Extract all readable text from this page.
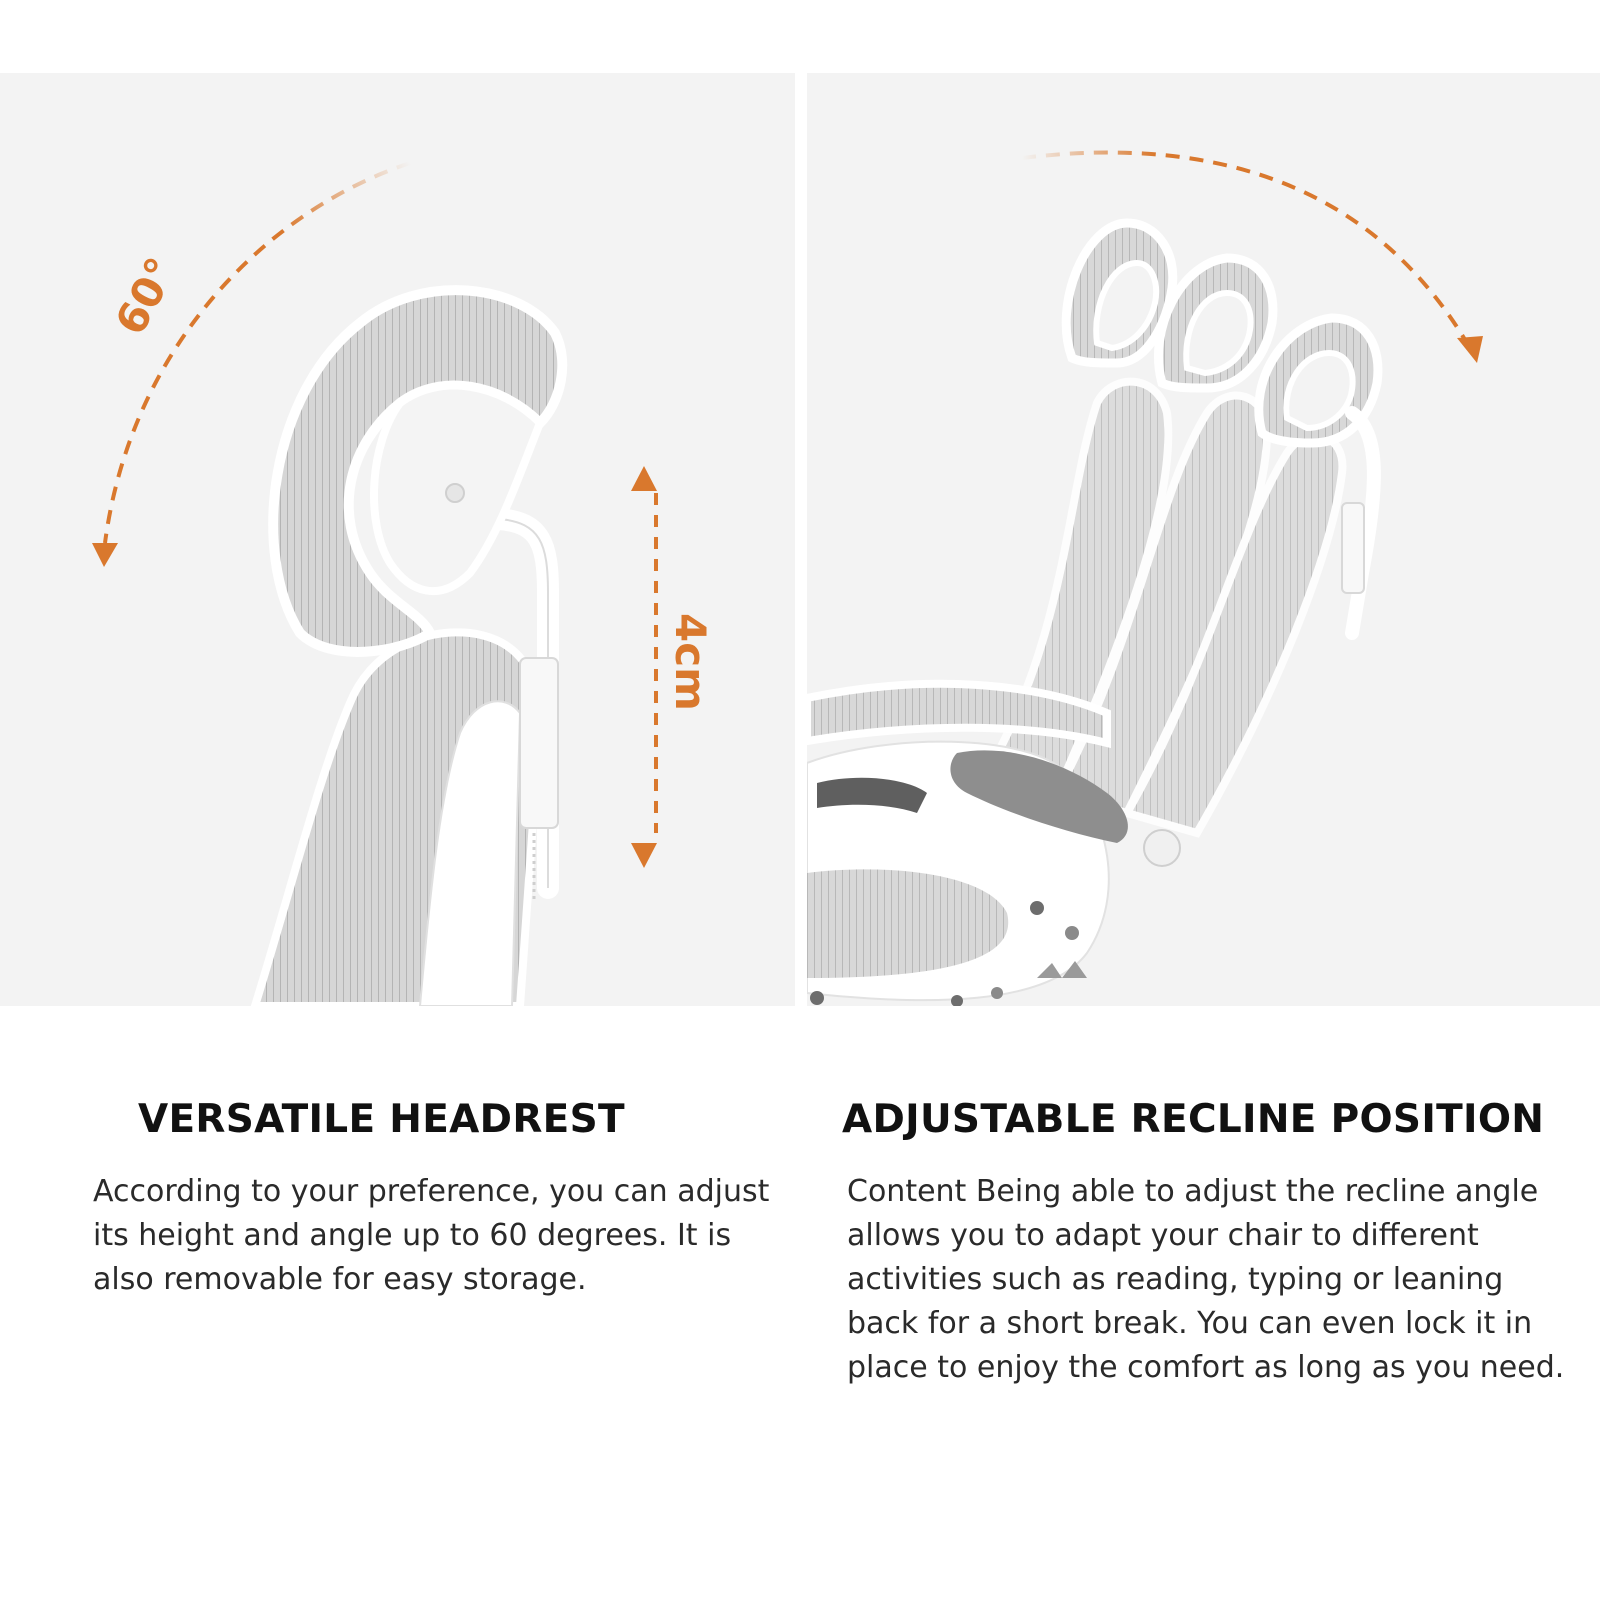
60°
4cm
VERSATILE HEADREST

According to your preference, you can adjust its height and angle up to 60 degrees. It is also removable for easy storage.

ADJUSTABLE RECLINE POSITION

Content Being able to adjust the recline angle allows you to adapt your chair to different activities such as reading, typing or leaning back for a short break. You can even lock it in place to enjoy the comfort as long as you need.
